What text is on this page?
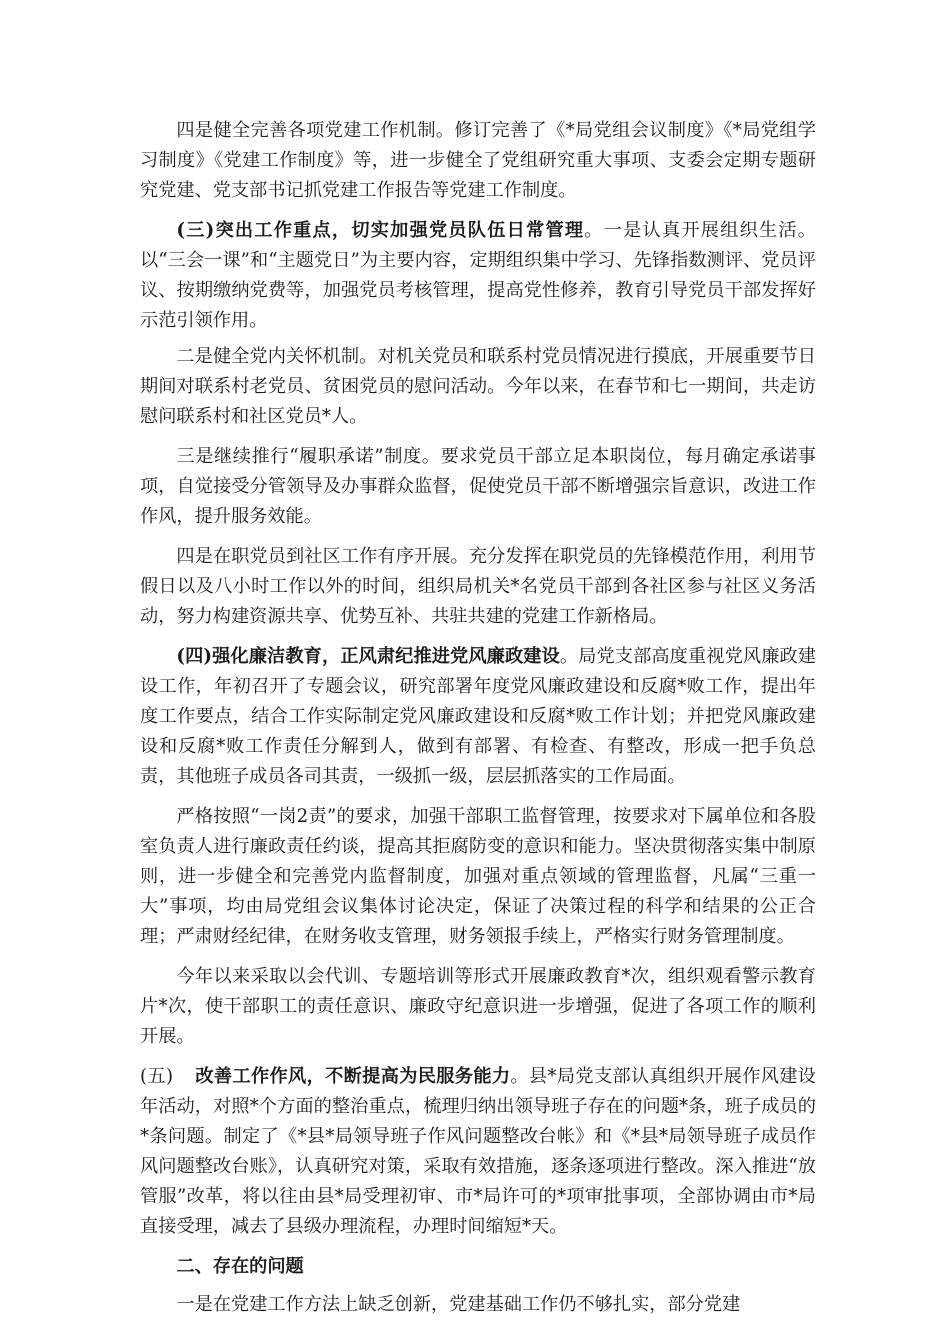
四是健全完善各项党建工作机制。修订完善了《*局党组会议制度》《*局党组学习制度》《党建工作制度》等，进一步健全了党组研究重大事项、支委会定期专题研究党建、党支部书记抓党建工作报告等党建工作制度。

(三)突出工作重点，切实加强党员队伍日常管理。一是认真开展组织生活。以“三会一课”和“主题党日”为主要内容，定期组织集中学习、先锋指数测评、党员评议、按期缴纳党费等，加强党员考核管理，提高党性修养，教育引导党员干部发挥好示范引领作用。

二是健全党内关怀机制。对机关党员和联系村党员情况进行摸底，开展重要节日期间对联系村老党员、贫困党员的慰问活动。今年以来，在春节和七一期间，共走访慰问联系村和社区党员*人。

三是继续推行“履职承诺”制度。要求党员干部立足本职岗位，每月确定承诺事项，自觉接受分管领导及办事群众监督，促使党员干部不断增强宗旨意识，改进工作作风，提升服务效能。

四是在职党员到社区工作有序开展。充分发挥在职党员的先锋模范作用，利用节假日以及八小时工作以外的时间，组织局机关*名党员干部到各社区参与社区义务活动，努力构建资源共享、优势互补、共驻共建的党建工作新格局。

(四)强化廉洁教育，正风肃纪推进党风廉政建设。局党支部高度重视党风廉政建设工作，年初召开了专题会议，研究部署年度党风廉政建设和反腐*败工作，提出年度工作要点，结合工作实际制定党风廉政建设和反腐*败工作计划；并把党风廉政建设和反腐*败工作责任分解到人，做到有部署、有检查、有整改，形成一把手负总责，其他班子成员各司其责，一级抓一级，层层抓落实的工作局面。

严格按照“一岗2责”的要求，加强干部职工监督管理，按要求对下属单位和各股室负责人进行廉政责任约谈，提高其拒腐防变的意识和能力。坚决贯彻落实集中制原则，进一步健全和完善党内监督制度，加强对重点领域的管理监督，凡属“三重一大”事项，均由局党组会议集体讨论决定，保证了决策过程的科学和结果的公正合理；严肃财经纪律，在财务收支管理，财务领报手续上，严格实行财务管理制度。

今年以来采取以会代训、专题培训等形式开展廉政教育*次，组织观看警示教育片*次，使干部职工的责任意识、廉政守纪意识进一步增强，促进了各项工作的顺利开展。

(五) 改善工作作风，不断提高为民服务能力。县*局党支部认真组织开展作风建设年活动，对照*个方面的整治重点，梳理归纳出领导班子存在的问题*条，班子成员的*条问题。制定了《*县*局领导班子作风问题整改台帐》和《*县*局领导班子成员作风问题整改台账》，认真研究对策，采取有效措施，逐条逐项进行整改。深入推进“放管服”改革，将以往由县*局受理初审、市*局许可的*项审批事项，全部协调由市*局直接受理，减去了县级办理流程，办理时间缩短*天。

二、存在的问题

一是在党建工作方法上缺乏创新，党建基础工作仍不够扎实，部分党建
